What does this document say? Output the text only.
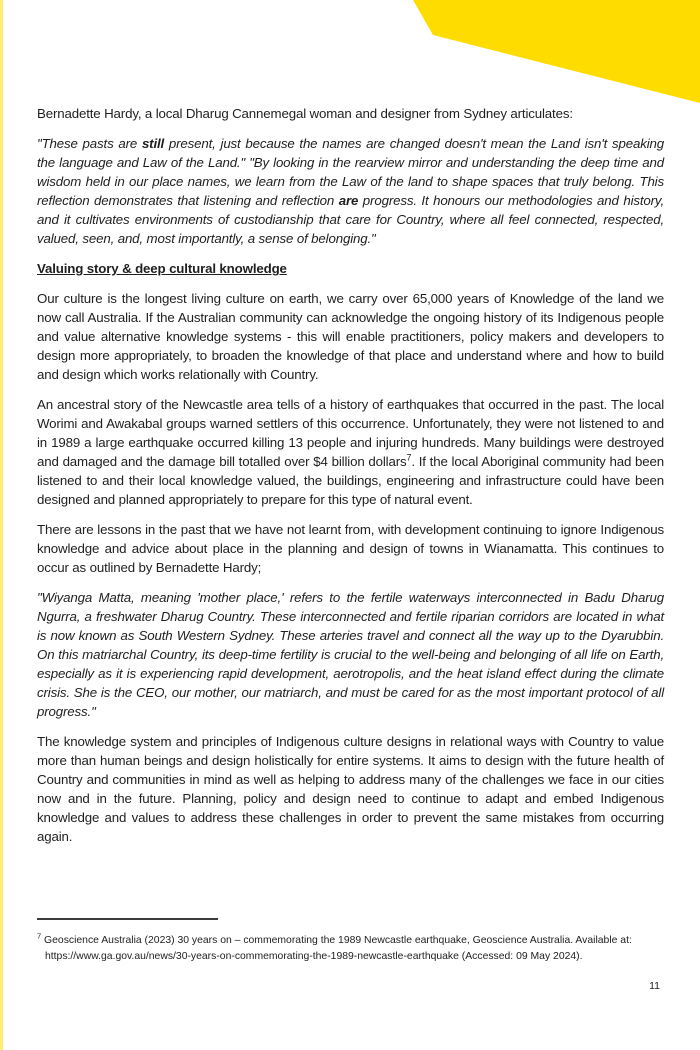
Bernadette Hardy, a local Dharug Cannemegal woman and designer from Sydney articulates:

"These pasts are still present, just because the names are changed doesn't mean the Land isn't speaking the language and Law of the Land." "By looking in the rearview mirror and understanding the deep time and wisdom held in our place names, we learn from the Law of the land to shape spaces that truly belong. This reflection demonstrates that listening and reflection are progress. It honours our methodologies and history, and it cultivates environments of custodianship that care for Country, where all feel connected, respected, valued, seen, and, most importantly, a sense of belonging."

Valuing story & deep cultural knowledge

Our culture is the longest living culture on earth, we carry over 65,000 years of Knowledge of the land we now call Australia. If the Australian community can acknowledge the ongoing history of its Indigenous people and value alternative knowledge systems - this will enable practitioners, policy makers and developers to design more appropriately, to broaden the knowledge of that place and understand where and how to build and design which works relationally with Country.

An ancestral story of the Newcastle area tells of a history of earthquakes that occurred in the past. The local Worimi and Awakabal groups warned settlers of this occurrence. Unfortunately, they were not listened to and in 1989 a large earthquake occurred killing 13 people and injuring hundreds. Many buildings were destroyed and damaged and the damage bill totalled over $4 billion dollars$^7$. If the local Aboriginal community had been listened to and their local knowledge valued, the buildings, engineering and infrastructure could have been designed and planned appropriately to prepare for this type of natural event.

There are lessons in the past that we have not learnt from, with development continuing to ignore Indigenous knowledge and advice about place in the planning and design of towns in Wianamatta. This continues to occur as outlined by Bernadette Hardy;

"Wiyanga Matta, meaning 'mother place,' refers to the fertile waterways interconnected in Badu Dharug Ngurra, a freshwater Dharug Country. These interconnected and fertile riparian corridors are located in what is now known as South Western Sydney. These arteries travel and connect all the way up to the Dyarubbin. On this matriarchal Country, its deep-time fertility is crucial to the well-being and belonging of all life on Earth, especially as it is experiencing rapid development, aerotropolis, and the heat island effect during the climate crisis. She is the CEO, our mother, our matriarch, and must be cared for as the most important protocol of all progress."

The knowledge system and principles of Indigenous culture designs in relational ways with Country to value more than human beings and design holistically for entire systems. It aims to design with the future health of Country and communities in mind as well as helping to address many of the challenges we face in our cities now and in the future. Planning, policy and design need to continue to adapt and embed Indigenous knowledge and values to address these challenges in order to prevent the same mistakes from occurring again.

$^7$ Geoscience Australia (2023) 30 years on – commemorating the 1989 Newcastle earthquake, Geoscience Australia. Available at: https://www.ga.gov.au/news/30-years-on-commemorating-the-1989-newcastle-earthquake (Accessed: 09 May 2024).
11
